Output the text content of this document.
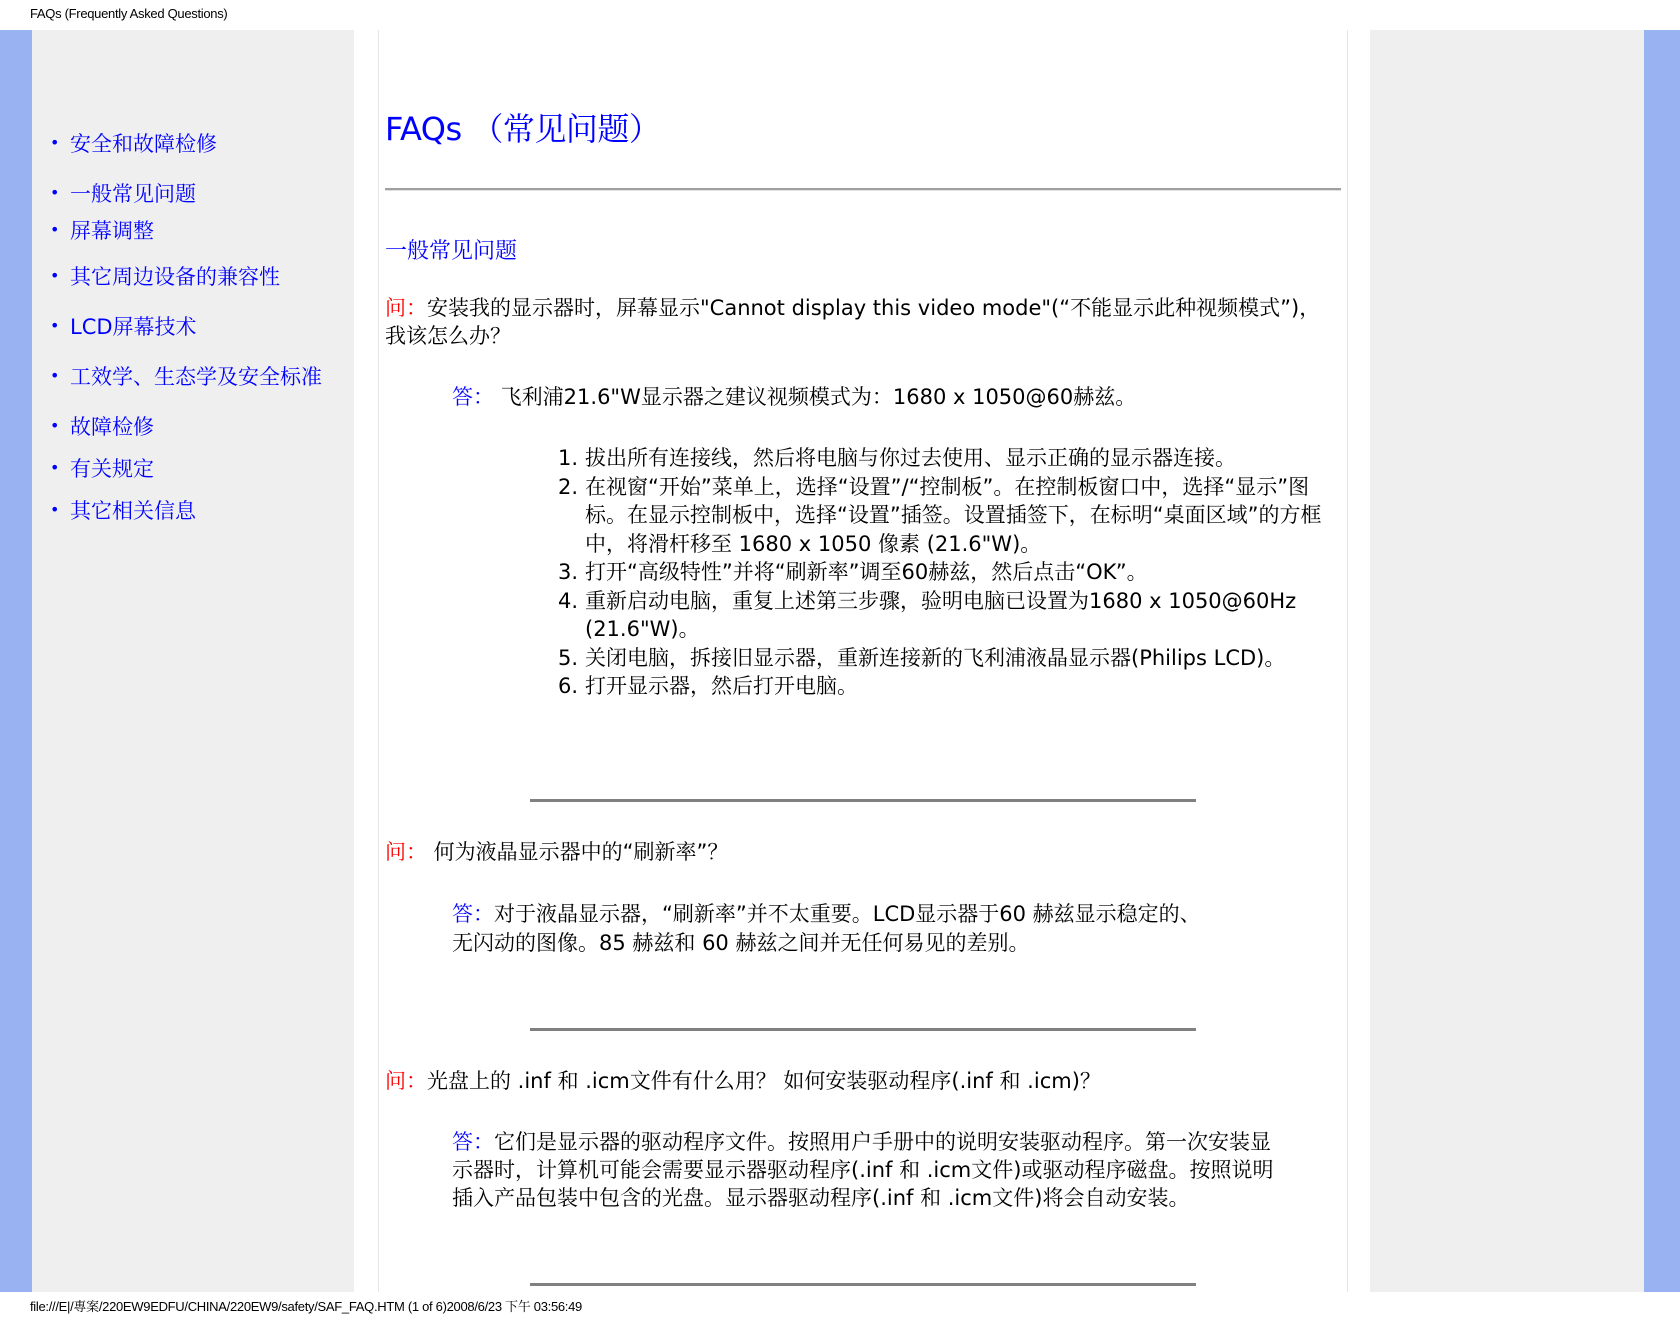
FAQs (Frequently Asked Questions)
• 安全和故障检修
• 一般常见问题
• 屏幕调整
• 其它周边设备的兼容性
• LCD屏幕技术
• 工效学、生态学及安全标准
• 故障检修
• 有关规定
• 其它相关信息
FAQs （常见问题）
一般常见问题
问：安装我的显示器时，屏幕显示"Cannot display this video mode"(“不能显示此种视频模式”)，我该怎么办？
答： 飞利浦21.6"W显示器之建议视频模式为：1680 x 1050@60赫兹。
1. 拔出所有连接线，然后将电脑与你过去使用、显示正确的显示器连接。
2. 在视窗“开始”菜单上，选择“设置”/“控制板”。在控制板窗口中，选择“显示”图标。在显示控制板中，选择“设置”插签。设置插签下，在标明“桌面区域”的方框中，将滑杆移至 1680 x 1050 像素 (21.6"W)。
3. 打开“高级特性”并将“刷新率”调至60赫兹，然后点击“OK”。
4. 重新启动电脑，重复上述第三步骤，验明电脑已设置为1680 x 1050@60Hz (21.6"W)。
5. 关闭电脑，拆接旧显示器，重新连接新的飞利浦液晶显示器(Philips LCD)。
6. 打开显示器，然后打开电脑。
问： 何为液晶显示器中的“刷新率”？
答：对于液晶显示器，“刷新率”并不太重要。LCD显示器于60 赫兹显示稳定的、
无闪动的图像。85 赫兹和 60 赫兹之间并无任何易见的差别。
问：光盘上的 .inf 和 .icm文件有什么用？ 如何安装驱动程序(.inf 和 .icm)？
答：它们是显示器的驱动程序文件。按照用户手册中的说明安装驱动程序。第一次安装显示器时，计算机可能会需要显示器驱动程序(.inf 和 .icm文件)或驱动程序磁盘。按照说明插入产品包装中包含的光盘。显示器驱动程序(.inf 和 .icm文件)将会自动安装。
file:///E|/專案/220EW9EDFU/CHINA/220EW9/safety/SAF_FAQ.HTM (1 of 6)2008/6/23 下午 03:56:49
